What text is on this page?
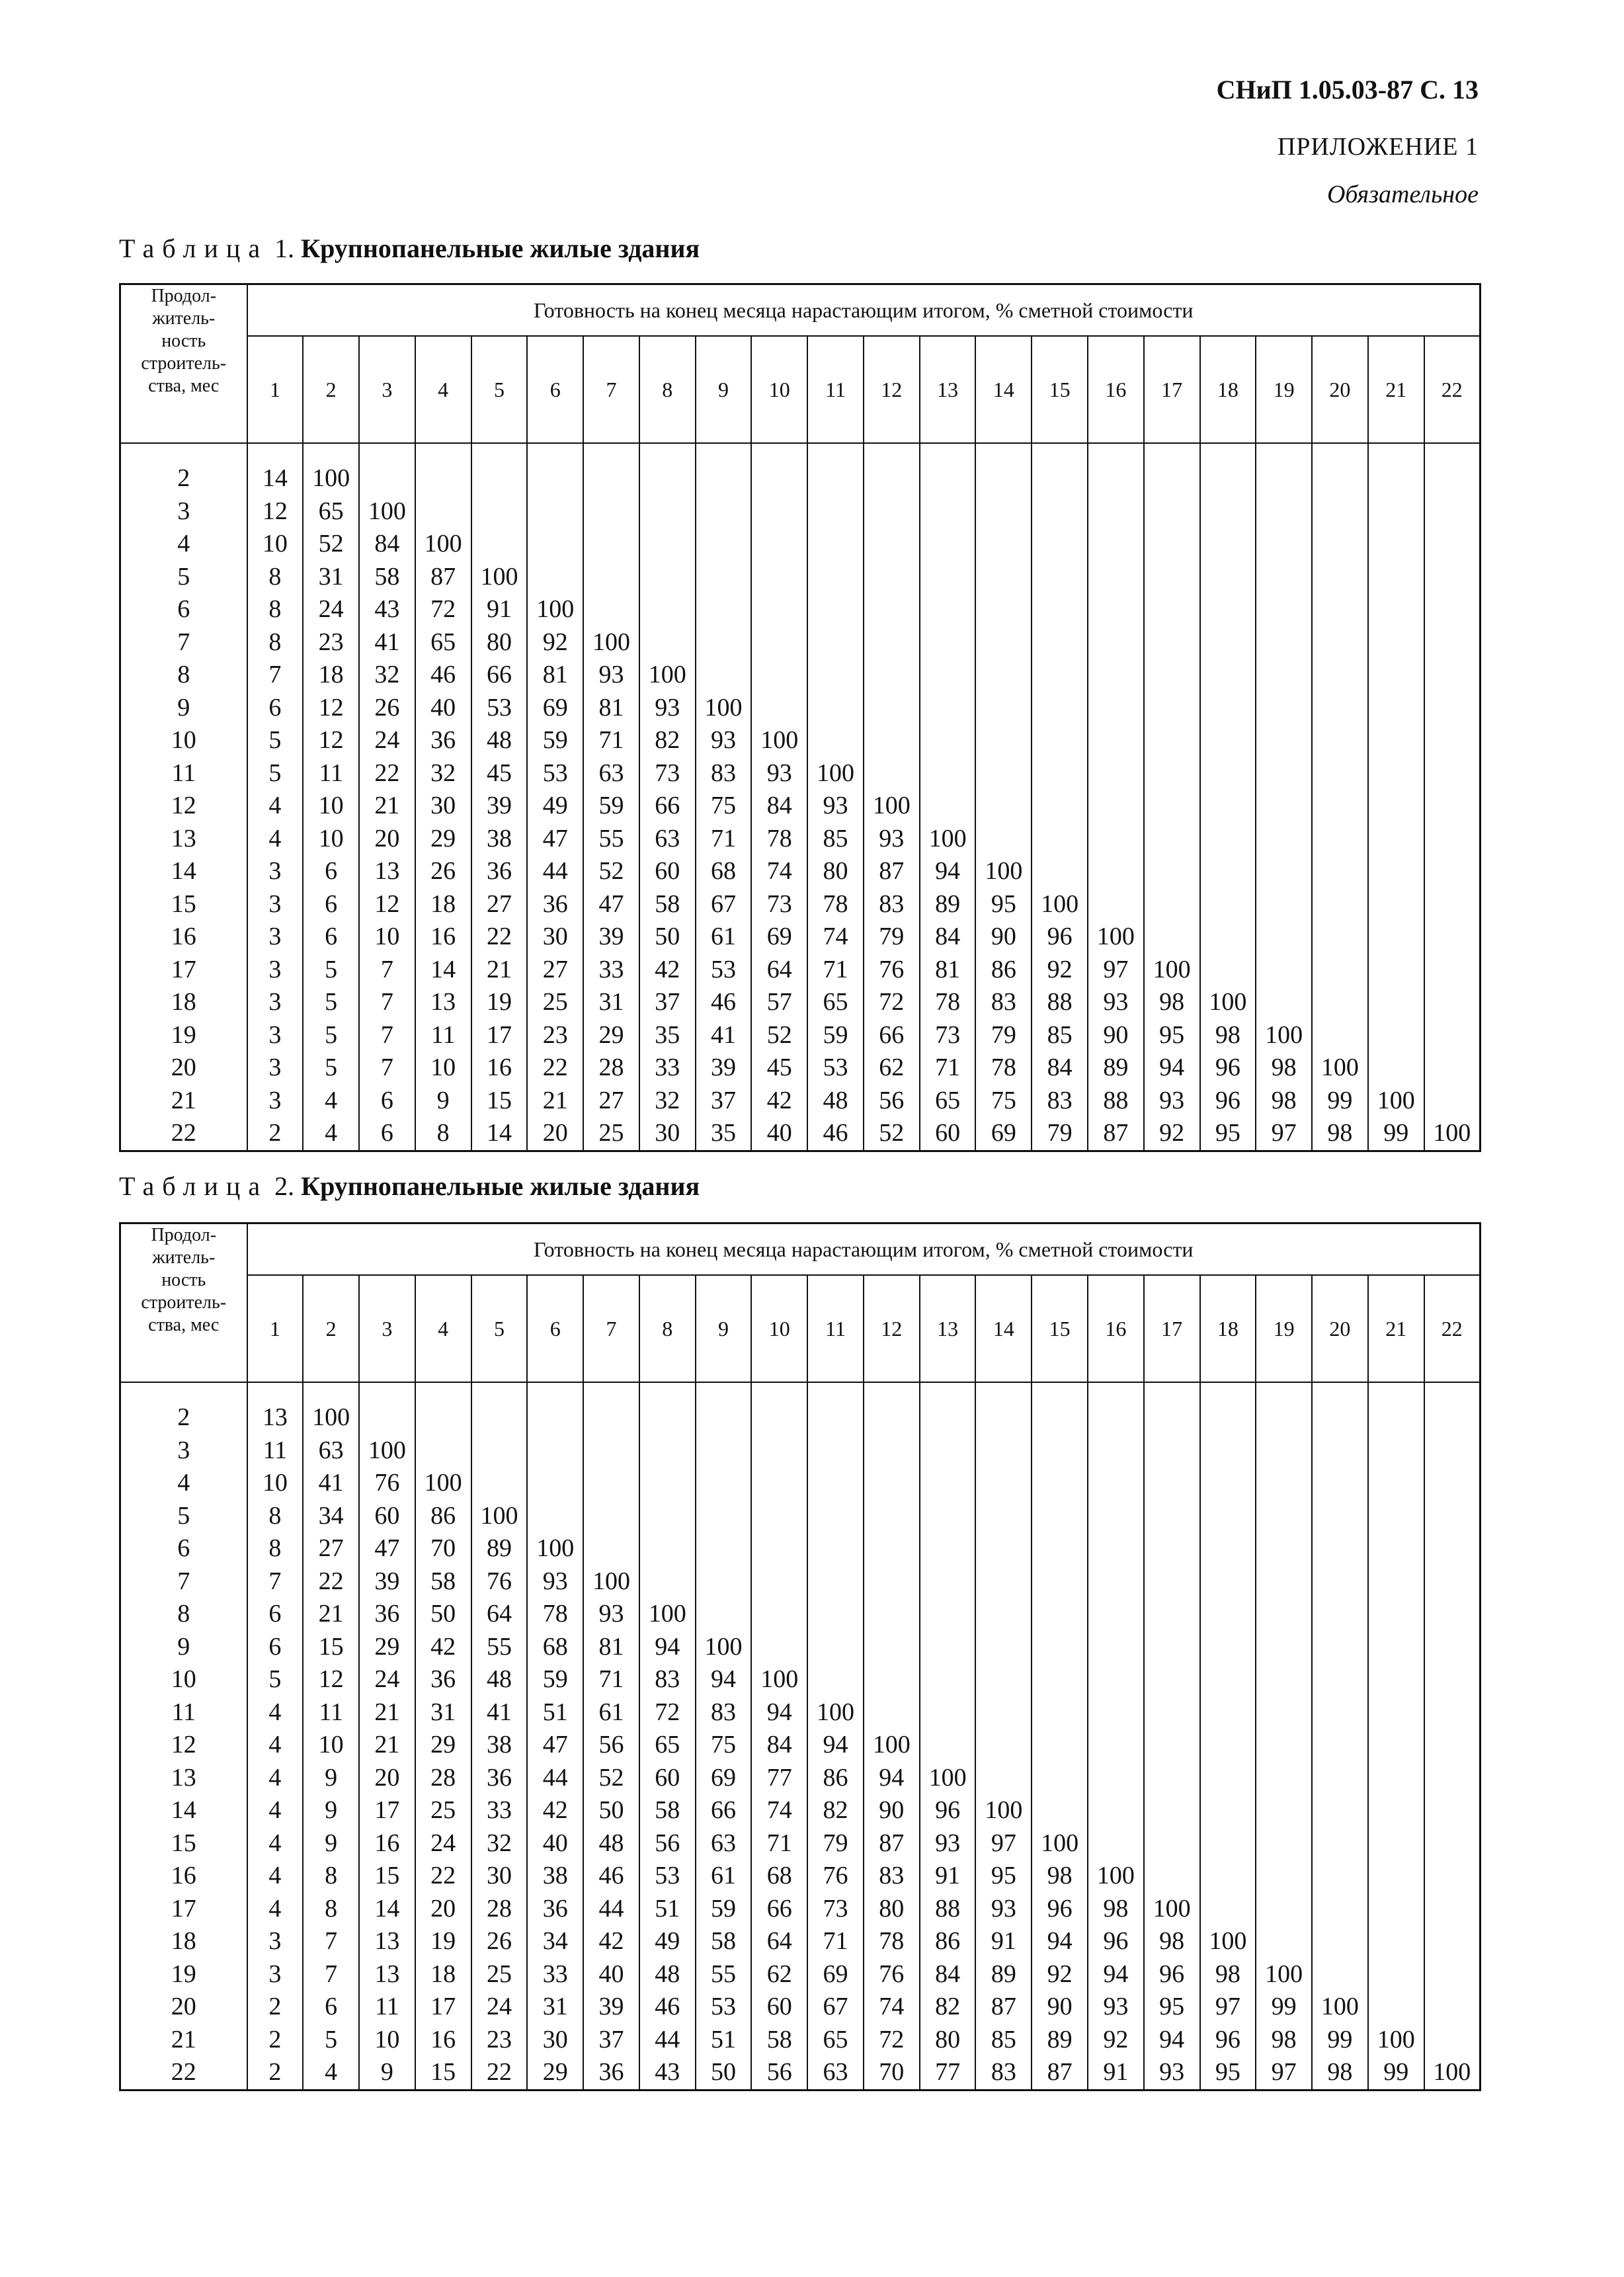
СНиП 1.05.03-87 С. 13
ПРИЛОЖЕНИЕ 1
Обязательное
Таблица 1. Крупнопанельные жилые здания
Продол-
житель-
ность
строитель-
ства, мес	Готовность на конец месяца нарастающим итогом, % сметной стоимости																					
	1	2	3	4	5	6	7	8	9	10	11	12	13	14	15	16	17	18	19	20	21	22

2	14	100																				
3	12	65	100																			
4	10	52	84	100																		
5	8	31	58	87	100																	
6	8	24	43	72	91	100																
7	8	23	41	65	80	92	100															
8	7	18	32	46	66	81	93	100														
9	6	12	26	40	53	69	81	93	100													
10	5	12	24	36	48	59	71	82	93	100												
11	5	11	22	32	45	53	63	73	83	93	100											
12	4	10	21	30	39	49	59	66	75	84	93	100										
13	4	10	20	29	38	47	55	63	71	78	85	93	100									
14	3	6	13	26	36	44	52	60	68	74	80	87	94	100								
15	3	6	12	18	27	36	47	58	67	73	78	83	89	95	100							
16	3	6	10	16	22	30	39	50	61	69	74	79	84	90	96	100						
17	3	5	7	14	21	27	33	42	53	64	71	76	81	86	92	97	100					
18	3	5	7	13	19	25	31	37	46	57	65	72	78	83	88	93	98	100				
19	3	5	7	11	17	23	29	35	41	52	59	66	73	79	85	90	95	98	100			
20	3	5	7	10	16	22	28	33	39	45	53	62	71	78	84	89	94	96	98	100		
21	3	4	6	9	15	21	27	32	37	42	48	56	65	75	83	88	93	96	98	99	100	
22	2	4	6	8	14	20	25	30	35	40	46	52	60	69	79	87	92	95	97	98	99	100
Таблица 2. Крупнопанельные жилые здания
Продол-
житель-
ность
строитель-
ства, мес	Готовность на конец месяца нарастающим итогом, % сметной стоимости																					
	1	2	3	4	5	6	7	8	9	10	11	12	13	14	15	16	17	18	19	20	21	22

2	13	100																				
3	11	63	100																			
4	10	41	76	100																		
5	8	34	60	86	100																	
6	8	27	47	70	89	100																
7	7	22	39	58	76	93	100															
8	6	21	36	50	64	78	93	100														
9	6	15	29	42	55	68	81	94	100													
10	5	12	24	36	48	59	71	83	94	100												
11	4	11	21	31	41	51	61	72	83	94	100											
12	4	10	21	29	38	47	56	65	75	84	94	100										
13	4	9	20	28	36	44	52	60	69	77	86	94	100									
14	4	9	17	25	33	42	50	58	66	74	82	90	96	100								
15	4	9	16	24	32	40	48	56	63	71	79	87	93	97	100							
16	4	8	15	22	30	38	46	53	61	68	76	83	91	95	98	100						
17	4	8	14	20	28	36	44	51	59	66	73	80	88	93	96	98	100					
18	3	7	13	19	26	34	42	49	58	64	71	78	86	91	94	96	98	100				
19	3	7	13	18	25	33	40	48	55	62	69	76	84	89	92	94	96	98	100			
20	2	6	11	17	24	31	39	46	53	60	67	74	82	87	90	93	95	97	99	100		
21	2	5	10	16	23	30	37	44	51	58	65	72	80	85	89	92	94	96	98	99	100	
22	2	4	9	15	22	29	36	43	50	56	63	70	77	83	87	91	93	95	97	98	99	100
